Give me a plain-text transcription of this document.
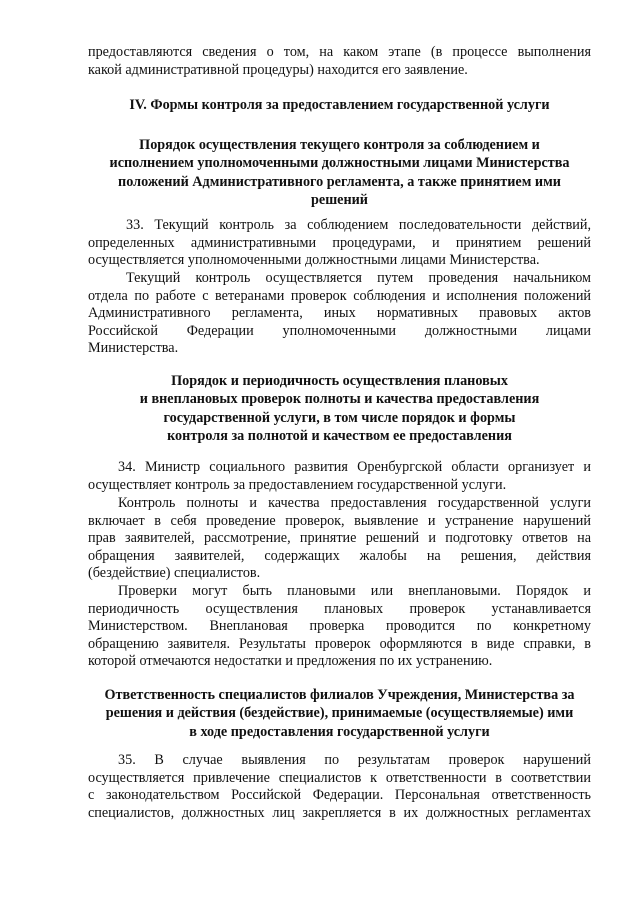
предоставляются сведения о том, на каком этапе (в процессе выполнения
какой административной процедуры) находится его заявление.
IV. Формы контроля за предоставлением государственной услуги
Порядок осуществления текущего контроля за соблюдением и
исполнением уполномоченными должностными лицами Министерства
положений Административного регламента, а также принятием ими
решений
33. Текущий контроль за соблюдением последовательности действий,
определенных административными процедурами, и принятием решений
осуществляется уполномоченными должностными лицами Министерства.
Текущий контроль осуществляется путем проведения начальником
отдела по работе с ветеранами проверок соблюдения и исполнения положений
Административного регламента, иных нормативных правовых актов
Российской Федерации уполномоченными должностными лицами
Министерства.
Порядок и периодичность осуществления плановых
и внеплановых проверок полноты и качества предоставления
государственной услуги, в том числе порядок и формы
контроля за полнотой и качеством ее предоставления
34. Министр социального развития Оренбургской области организует и
осуществляет контроль за предоставлением государственной услуги.
Контроль полноты и качества предоставления государственной услуги
включает в себя проведение проверок, выявление и устранение нарушений
прав заявителей, рассмотрение, принятие решений и подготовку ответов на
обращения заявителей, содержащих жалобы на решения, действия
(бездействие) специалистов.
Проверки могут быть плановыми или внеплановыми. Порядок и
периодичность осуществления плановых проверок устанавливается
Министерством. Внеплановая проверка проводится по конкретному
обращению заявителя. Результаты проверок оформляются в виде справки, в
которой отмечаются недостатки и предложения по их устранению.
Ответственность специалистов филиалов Учреждения, Министерства за
решения и действия (бездействие), принимаемые (осуществляемые) ими
в ходе предоставления государственной услуги
35. В случае выявления по результатам проверок нарушений
осуществляется привлечение специалистов к ответственности в соответствии
с законодательством Российской Федерации. Персональная ответственность
специалистов, должностных лиц закрепляется в их должностных регламентах
